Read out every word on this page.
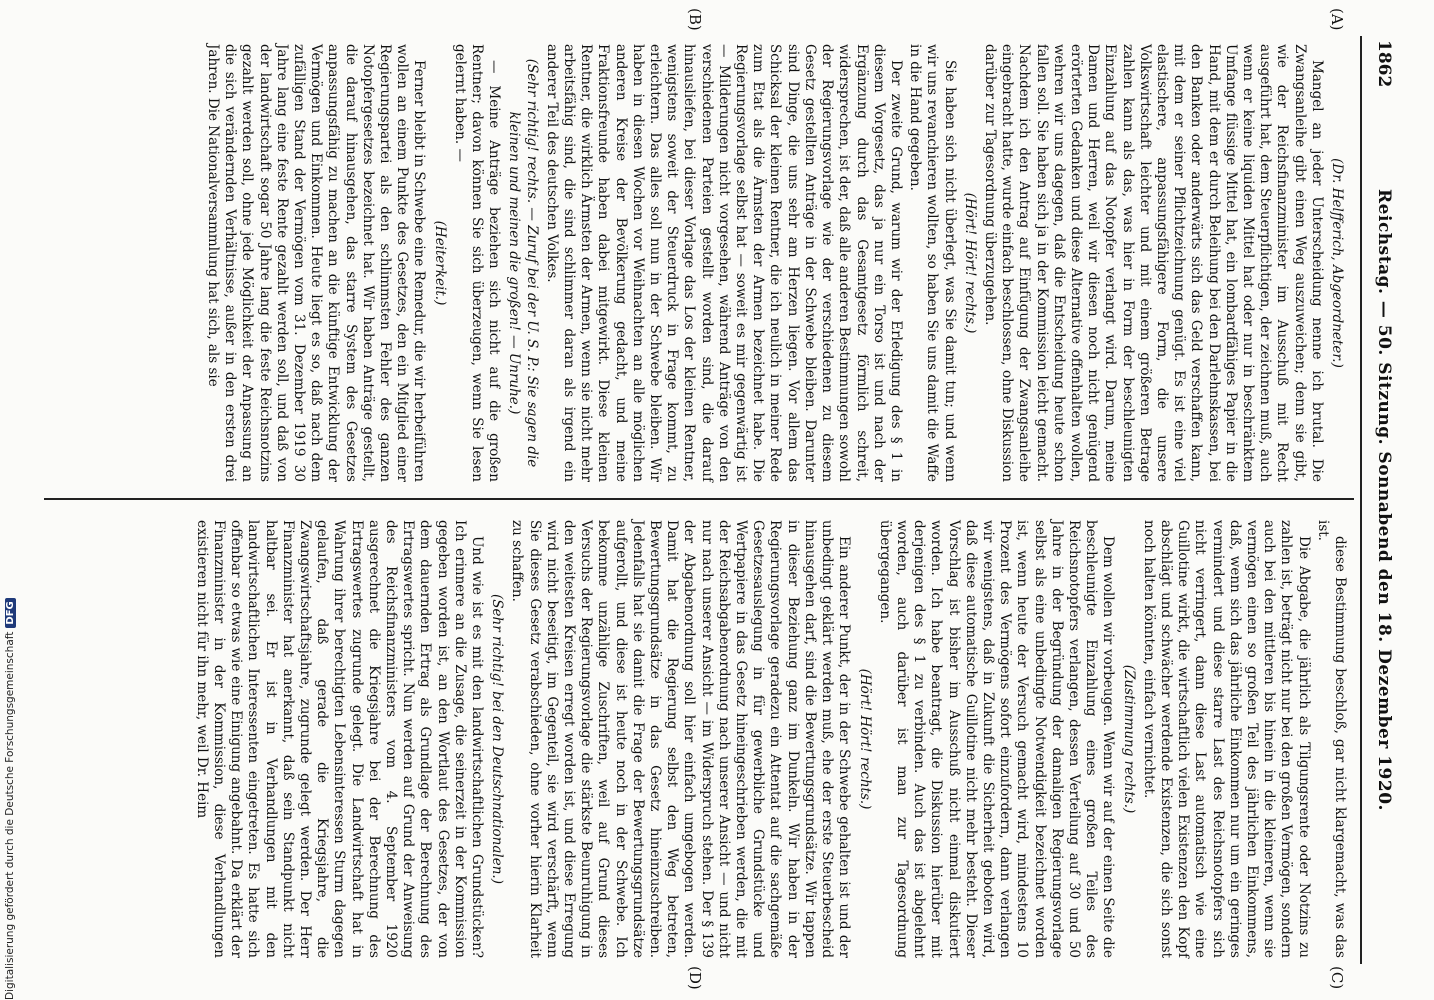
1862
Reichstag. — 50. Sitzung. Sonnabend den 18. Dezember 1920.
(A)
(B)
(C)
(D)

(Dr. Helfferich, Abgeordneter.)

Mangel an jeder Unterscheidung nenne ich brutal. Die Zwangsanleihe gibt einen Weg auszuweichen; denn sie gibt, wie der Reichsfinanzminister im Ausschuß mit Recht ausgeführt hat, dem Steuerpflichtigen, der zeichnen muß, auch wenn er keine liquiden Mittel hat oder nur in beschränktem Umfange flüssige Mittel hat, ein lombardfähiges Papier in die Hand, mit dem er durch Beleihung bei den Darlehnskassen, bei den Banken oder anderwärts sich das Geld verschaffen kann, mit dem er seiner Pflichtzeichnung genügt. Es ist eine viel elastischere, anpassungsfähigere Form, die unsere Volkswirtschaft leichter und mit einem größeren Betrage zahlen kann als das, was hier in Form der beschleunigten Einzahlung auf das Notopfer verlangt wird. Darum, meine Damen und Herren, weil wir diesen noch nicht genügend erörterten Gedanken und diese Alternative offenhalten wollen, wehren wir uns dagegen, daß die Entscheidung heute schon fallen soll. Sie haben sich ja in der Kommission leicht gemacht. Nachdem ich den Antrag auf Einfügung der Zwangsanleihe eingebracht hatte, wurde einfach beschlossen, ohne Diskussion darüber zur Tagesordnung überzugehen.

(Hört! Hört! rechts.)

Sie haben sich nicht überlegt, was Sie damit tun; und wenn wir uns revanchieren wollten, so haben Sie uns damit die Waffe in die Hand gegeben.

Der zweite Grund, warum wir der Erledigung des § 1 in diesem Vorgesetz, das ja nur ein Torso ist und nach der Ergänzung durch das Gesamtgesetz förmlich schreit, widersprechen, ist der, daß alle anderen Bestimmungen sowohl der Regierungsvorlage wie der verschiedenen zu diesem Gesetz gestellten Anträge in der Schwebe bleiben. Darunter sind Dinge, die uns sehr am Herzen liegen. Vor allem das Schicksal der kleinen Rentner, die ich neulich in meiner Rede zum Etat als die Ärmsten der Armen bezeichnet habe. Die Regierungsvorlage selbst hat — soweit es mir gegenwärtig ist — Milderungen nicht vorgesehen, während Anträge von den verschiedenen Parteien gestellt worden sind, die darauf hinausliefen, bei dieser Vorlage das Los der kleinen Rentner, wenigstens soweit der Steuerdruck in Frage kommt, zu erleichtern. Das alles soll nun in der Schwebe bleiben. Wir haben in diesen Wochen vor Weihnachten an alle möglichen anderen Kreise der Bevölkerung gedacht, und meine Fraktionsfreunde haben dabei mitgewirkt. Diese kleinen Rentner, die wirklich Ärmsten der Armen, wenn sie nicht mehr arbeitsfähig sind, die sind schlimmer daran als irgend ein anderer Teil des deutschen Volkes.

(Sehr richtig! rechts. — Zuruf bei der U. S. P.: Sie sagen die kleinen und meinen die großen! — Unruhe.)

— Meine Anträge beziehen sich nicht auf die großen Rentner; davon können Sie sich überzeugen, wenn Sie lesen gelernt haben. —

(Heiterkeit.)

Ferner bleibt in Schwebe eine Remedur, die wir herbeiführen wollen an einem Punkte des Gesetzes, den ein Mitglied einer Regierungspartei als den schlimmsten Fehler des ganzen Notopfergesetzes bezeichnet hat. Wir haben Anträge gestellt, die darauf hinausgehen, das starre System des Gesetzes anpassungsfähig zu machen an die künftige Entwicklung der Vermögen und Einkommen. Heute liegt es so, daß nach dem zufälligen Stand der Vermögen vom 31. Dezember 1919 30 Jahre lang eine feste Rente gezahlt werden soll, und daß von der landwirtschaft sogar 50 Jahre lang die feste Reichsnotzins gezahlt werden soll, ohne jede Möglichkeit der Anpassung an die sich verändernden Verhältnisse, außer in den ersten drei Jahren. Die Nationalversammlung hat sich, als sie

diese Bestimmung beschloß, gar nicht klargemacht, was das ist.

Die Abgabe, die jährlich als Tilgungsrente oder Notzins zu zahlen ist, beträgt nicht nur bei den großen Vermögen, sondern auch bei den mittleren bis hinein in die kleineren, wenn sie vermögen einen so großen Teil des jährlichen Einkommens, daß, wenn sich das jährliche Einkommen nur um ein geringes vermindert und diese starre Last des Reichsnotopfers sich nicht verringert, dann diese Last automatisch wie eine Guillotine wirkt, die wirtschaftlich vielen Existenzen den Kopf abschlägt und schwächer werdende Existenzen, die sich sonst noch halten könnten, einfach vernichtet.

(Zustimmung rechts.)

Dem wollen wir vorbeugen. Wenn wir auf der einen Seite die beschleunigte Einzahlung eines großen Teiles des Reichsnotopfers verlangen, dessen Verteilung auf 30 und 50 Jahre in der Begründung der damaligen Regierungsvorlage selbst als eine unbedingte Notwendigkeit bezeichnet worden ist, wenn heute der Versuch gemacht wird, mindestens 10 Prozent des Vermögens sofort einzufordern, dann verlangen wir wenigstens, daß in Zukunft die Sicherheit geboten wird, daß diese automatische Guillotine nicht mehr besteht. Dieser Vorschlag ist bisher im Ausschuß nicht einmal diskutiert worden. Ich habe beantragt, die Diskussion hierüber mit derjenigen des § 1 zu verbinden. Auch das ist abgelehnt worden, auch darüber ist man zur Tagesordnung übergegangen.

(Hört! Hört! rechts.)

Ein anderer Punkt, der in der Schwebe gehalten ist und der unbedingt geklärt werden muß, ehe der erste Steuerbescheid hinausgehen darf, sind die Bewertungsgrundsätze. Wir tappen in dieser Beziehung ganz im Dunkeln. Wir haben in der Regierungsvorlage geradezu ein Attentat auf die sachgemäße Gesetzesauslegung in für gewerbliche Grundstücke und Wertpapiere in das Gesetz hineingeschrieben werden, die mit der Reichsabgabenordnung nach unserer Ansicht — und nicht nur nach unserer Ansicht — im Widerspruch stehen. Der § 139 der Abgabenordnung soll hier einfach umgebogen werden. Damit hat die Regierung selbst den Weg betreten, Bewertungsgrundsätze in das Gesetz hineinzuschreiben. Jedenfalls hat sie damit die Frage der Bewertungsgrundsätze aufgerollt, und diese ist heute noch in der Schwebe. Ich bekomme unzählige Zuschriften, weil auf Grund dieses Versuchs der Regierungsvorlage die stärkste Beunruhigung in den weitesten Kreisen erregt worden ist, und diese Erregung wird nicht beseitigt, im Gegenteil, sie wird verschärft, wenn Sie dieses Gesetz verabschieden, ohne vorher hierin Klarheit zu schaffen.

(Sehr richtig! bei den Deutschnationalen.)

Und wie ist es mit den landwirtschaftlichen Grundstücken? Ich erinnere an die Zusage, die seinerzeit in der Kommission gegeben worden ist, an den Wortlaut des Gesetzes, der von dem dauernden Ertrag als Grundlage der Berechnung des Ertragswertes spricht. Nun werden auf Grund der Anweisung des Reichsfinanzministers vom 4. September 1920 ausgerechnet die Kriegsjahre bei der Berechnung des Ertragswertes zugrunde gelegt. Die Landwirtschaft hat in Wahrung ihrer berechtigten Lebensinteressen Sturm dagegen gelaufen, daß gerade die Kriegsjahre, die Zwangswirtschaftsjahre, zugrunde gelegt werden. Der Herr Finanzminister hat anerkannt, daß sein Standpunkt nicht haltbar sei. Er ist in Verhandlungen mit den landwirtschaftlichen Interessenten eingetreten. Es hatte sich offenbar so etwas wie eine Einigung angebahnt. Da erklärt der Finanzminister in der Kommission, diese Verhandlungen existieren nicht für ihn mehr, weil Dr. Heim

Digitalisierung gefördert durch die Deutsche ForschungsgemeinschaftDFG
